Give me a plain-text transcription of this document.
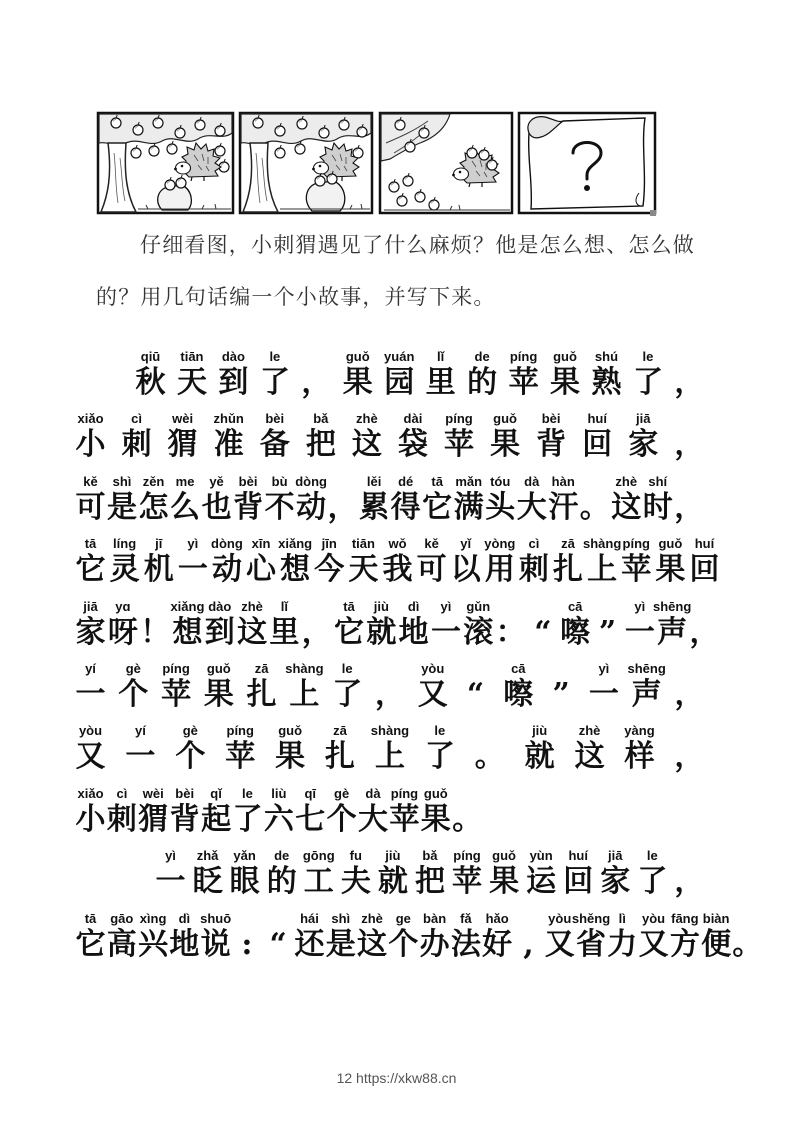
仔细看图，小刺猬遇见了什么麻烦？他是怎么想、怎么做
的？用几句话编一个小故事，并写下来。
qiū
秋
tiān
天
dào
到
le
了 ，
guǒ
果
yuán
园
lǐ
里
de
的
píng
苹
guǒ
果
shú
熟
le
了 ，
xiǎo
小
cì
刺
wèi
猬
zhǔn
准
bèi
备
bǎ
把
zhè
这
dài
袋
píng
苹
guǒ
果
bèi
背
huí
回
jiā
家 ，
kě
可
shì
是
zěn
怎
me
么
yě
也
bèi
背
bù
不
dòng
动 ，
lěi
累
dé
得
tā
它
mǎn
满
tóu
头
dà
大
hàn
汗 。
zhè
这
shí
时 ，
tā
它
líng
灵
jī
机
yì
一
dòng
动
xīn
心
xiǎng
想
jīn
今
tiān
天
wǒ
我
kě
可
yǐ
以
yòng
用
cì
刺
zā
扎
shàng
上
píng
苹
guǒ
果
huí
回
jiā
家
yɑ
呀 ！
xiǎng
想
dào
到
zhè
这
lǐ
里 ，
tā
它
jiù
就
dì
地
yì
一
gǔn
滚 ： “
cā
嚓 ”
yì
一
shēng
声 ，
yí
一
gè
个
píng
苹
guǒ
果
zā
扎
shàng
上
le
了 ，
yòu
又 “
cā
嚓 ”
yì
一
shēng
声 ，
yòu
又
yí
一
gè
个
píng
苹
guǒ
果
zā
扎
shàng
上
le
了 。
jiù
就
zhè
这
yàng
样 ，
xiǎo
小
cì
刺
wèi
猬
bèi
背
qǐ
起
le
了
liù
六
qī
七
gè
个
dà
大
píng
苹
guǒ
果 。
yì
一
zhǎ
眨
yǎn
眼
de
的
gōng
工
fu
夫
jiù
就
bǎ
把
píng
苹
guǒ
果
yùn
运
huí
回
jiā
家
le
了 ，
tā
它
gāo
高
xìng
兴
dì
地
shuō
说 : “
hái
还
shì
是
zhè
这
ge
个
bàn
办
fǎ
法
hǎo
好 ,
yòu
又
shěng
省
lì
力
yòu
又
fāng
方
biàn
便 。
12 https://xkw88.cn
